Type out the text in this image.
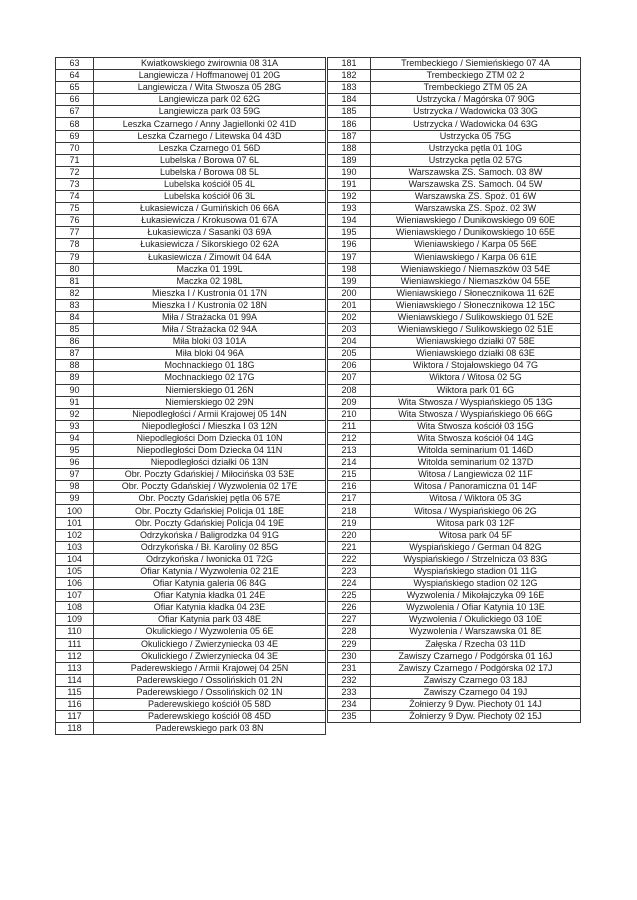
63	Kwiatkowskiego żwirownia 08 31A
64	Langiewicza / Hoffmanowej 01 20G
65	Langiewicza / Wita Stwosza 05 28G
66	Langiewicza park 02 62G
67	Langiewicza park 03 59G
68	Leszka Czarnego / Anny Jagiellonki 02 41D
69	Leszka Czarnego / Litewska 04 43D
70	Leszka Czarnego 01 56D
71	Lubelska / Borowa 07 6L
72	Lubelska / Borowa 08 5L
73	Lubelska kościół 05 4L
74	Lubelska kościół 06 3L
75	Łukasiewicza / Gumińskich 06 66A
76	Łukasiewicza / Krokusowa 01 67A
77	Łukasiewicza / Sasanki 03 69A
78	Łukasiewicza / Sikorskiego 02 62A
79	Łukasiewicza / Zimowit 04 64A
80	Maczka 01 199L
81	Maczka 02 198L
82	Mieszka I / Kustronia 01 17N
83	Mieszka I / Kustronia 02 18N
84	Miła / Strażacka 01 99A
85	Miła / Strażacka 02 94A
86	Miła bloki 03 101A
87	Miła bloki 04 96A
88	Mochnackiego 01 18G
89	Mochnackiego 02 17G
90	Niemierskiego 01 26N
91	Niemierskiego 02 29N
92	Niepodległości / Armii Krajowej 05 14N
93	Niepodległości / Mieszka I 03 12N
94	Niepodległości Dom Dziecka 01 10N
95	Niepodległości Dom Dziecka 04 11N
96	Niepodległości działki 06 13N
97	Obr. Poczty Gdańskiej / Miłocińska 03 53E
98	Obr. Poczty Gdańskiej / Wyzwolenia 02 17E
99	Obr. Poczty Gdańskiej pętla 06 57E
100	Obr. Poczty Gdańskiej Policja 01 18E
101	Obr. Poczty Gdańskiej Policja 04 19E
102	Odrzykońska / Baligrodzka 04 91G
103	Odrzykońska / Bł. Karoliny 02 85G
104	Odrzykońska / Iwonicka 01 72G
105	Ofiar Katynia / Wyzwolenia 02 21E
106	Ofiar Katynia galeria 06 84G
107	Ofiar Katynia kładka 01 24E
108	Ofiar Katynia kładka 04 23E
109	Ofiar Katynia park 03 48E
110	Okulickiego / Wyzwolenia 05 6E
111	Okulickiego / Zwierzyniecka 03 4E
112	Okulickiego / Zwierzyniecka 04 3E
113	Paderewskiego / Armii Krajowej 04 25N
114	Paderewskiego / Ossolińskich 01 2N
115	Paderewskiego / Ossolińskich 02 1N
116	Paderewskiego kościół 05 58D
117	Paderewskiego kościół 08 45D
118	Paderewskiego park 03 8N
181	Trembeckiego / Siemieńskiego 07 4A
182	Trembeckiego ZTM 02 2
183	Trembeckiego ZTM 05 2A
184	Ustrzycka / Magórska 07 90G
185	Ustrzycka / Wadowicka 03 30G
186	Ustrzycka / Wadowicka 04 63G
187	Ustrzycka 05 75G
188	Ustrzycka pętla 01 10G
189	Ustrzycka pętla 02 57G
190	Warszawska ZS. Samoch. 03 8W
191	Warszawska ZS. Samoch. 04 5W
192	Warszawska ZS. Spoż. 01 6W
193	Warszawska ZS. Spoż. 02 3W
194	Wieniawskiego / Dunikowskiego 09 60E
195	Wieniawskiego / Dunikowskiego 10 65E
196	Wieniawskiego / Karpa 05 56E
197	Wieniawskiego / Karpa 06 61E
198	Wieniawskiego / Niemaszków 03 54E
199	Wieniawskiego / Niemaszków 04 55E
200	Wieniawskiego / Słonecznikowa 11 62E
201	Wieniawskiego / Słonecznikowa 12 15C
202	Wieniawskiego / Sulikowskiego 01 52E
203	Wieniawskiego / Sulikowskiego 02 51E
204	Wieniawskiego działki 07 58E
205	Wieniawskiego działki 08 63E
206	Wiktora / Stojałowskiego 04 7G
207	Wiktora / Witosa 02 5G
208	Wiktora park 01 6G
209	Wita Stwosza / Wyspiańskiego 05 13G
210	Wita Stwosza / Wyspiańskiego 06 66G
211	Wita Stwosza kościół 03 15G
212	Wita Stwosza kościół 04 14G
213	Witolda seminarium 01 146D
214	Witolda seminarium 02 137D
215	Witosa / Langiewicza 02 11F
216	Witosa / Panoramiczna 01 14F
217	Witosa / Wiktora 05 3G
218	Witosa / Wyspiańskiego 06 2G
219	Witosa park 03 12F
220	Witosa park 04 5F
221	Wyspiańskiego / German 04 82G
222	Wyspiańskiego / Strzelnicza 03 83G
223	Wyspiańskiego stadion 01 11G
224	Wyspiańskiego stadion 02 12G
225	Wyzwolenia / Mikołajczyka 09 16E
226	Wyzwolenia / Ofiar Katynia 10 13E
227	Wyzwolenia / Okulickiego 03 10E
228	Wyzwolenia / Warszawska 01 8E
229	Załęska / Rzecha 03 11D
230	Zawiszy Czarnego / Podgórska 01 16J
231	Zawiszy Czarnego / Podgórska 02 17J
232	Zawiszy Czarnego 03 18J
233	Zawiszy Czarnego 04 19J
234	Żołnierzy 9 Dyw. Piechoty 01 14J
235	Żołnierzy 9 Dyw. Piechoty 02 15J
